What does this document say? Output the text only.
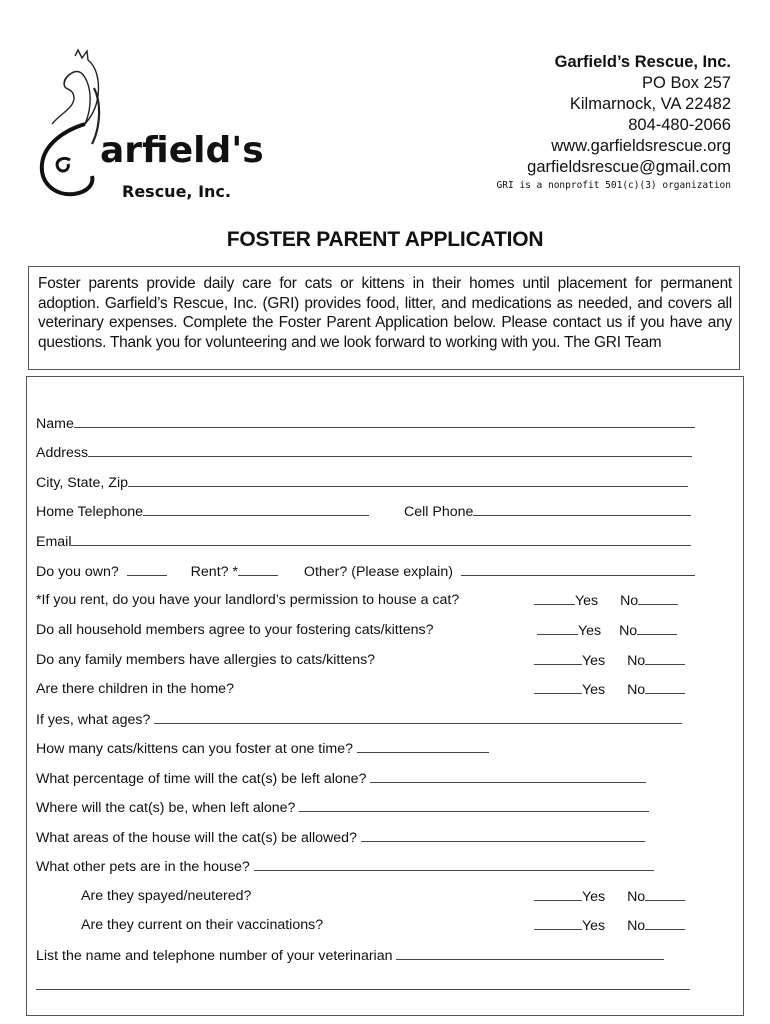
arfield's
Rescue, Inc.
Garfield’s Rescue, Inc.
PO Box 257
Kilmarnock, VA 22482
804-480-2066
www.garfieldsrescue.org
garfieldsrescue@gmail.com
GRI is a nonprofit 501(c)(3) organization
FOSTER PARENT APPLICATION
Foster parents provide daily care for cats or kittens in their homes until placement for permanent adoption. Garfield’s Rescue, Inc. (GRI) provides food, litter, and medications as needed, and covers all veterinary expenses. Complete the Foster Parent Application below. Please contact us if you have any questions. Thank you for volunteering and we look forward to working with you. The GRI Team
Name
Address
City, State, Zip
Home Telephone	Cell Phone
Email
Do you own?	Rent? *	Other? (Please explain)
*If you rent, do you have your landlord’s permission to house a cat?	Yes No
Do all household members agree to your fostering cats/kittens?	Yes No
Do any family members have allergies to cats/kittens?	Yes No
Are there children in the home?	Yes No
If yes, what ages?
How many cats/kittens can you foster at one time?
What percentage of time will the cat(s) be left alone?
Where will the cat(s) be, when left alone?
What areas of the house will the cat(s) be allowed?
What other pets are in the house?
Are they spayed/neutered?	Yes No
Are they current on their vaccinations?	Yes No
List the name and telephone number of your veterinarian
